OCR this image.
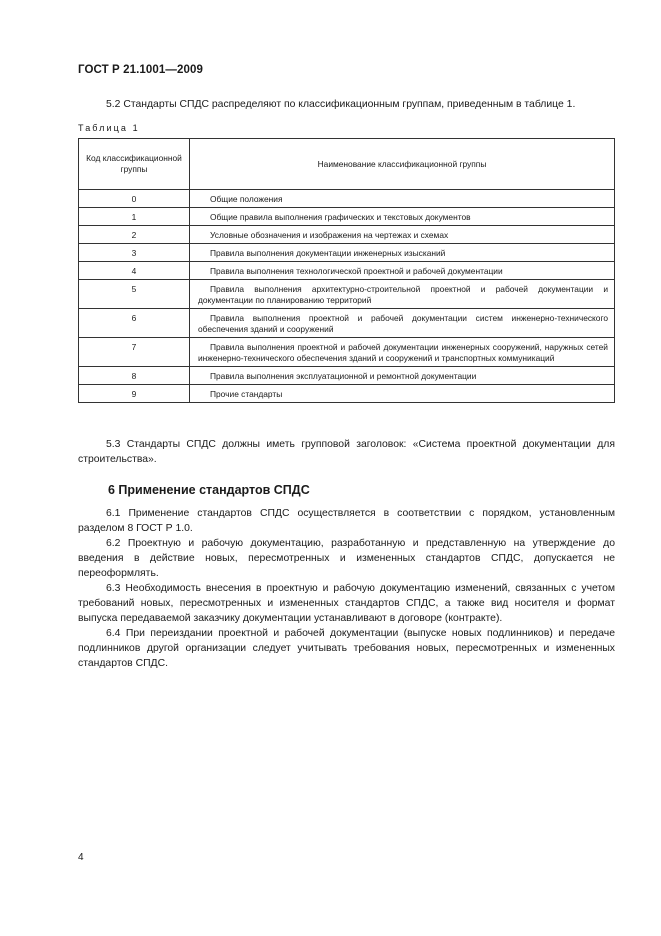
ГОСТ Р 21.1001—2009
5.2 Стандарты СПДС распределяют по классификационным группам, приведенным в таблице 1.
Таблица 1
Код классификационной группы	Наименование классификационной группы
0	Общие положения
1	Общие правила выполнения графических и текстовых документов
2	Условные обозначения и изображения на чертежах и схемах
3	Правила выполнения документации инженерных изысканий
4	Правила выполнения технологической проектной и рабочей документации
5	Правила выполнения архитектурно-строительной проектной и рабочей документации и документации по планированию территорий
6	Правила выполнения проектной и рабочей документации систем инженерно-технического обеспечения зданий и сооружений
7	Правила выполнения проектной и рабочей документации инженерных сооружений, наружных сетей инженерно-технического обеспечения зданий и сооружений и транспортных коммуникаций
8	Правила выполнения эксплуатационной и ремонтной документации
9	Прочие стандарты
5.3 Стандарты СПДС должны иметь групповой заголовок: «Система проектной документации для строительства».
6 Применение стандартов СПДС
6.1 Применение стандартов СПДС осуществляется в соответствии с порядком, установленным разделом 8 ГОСТ Р 1.0.
6.2 Проектную и рабочую документацию, разработанную и представленную на утверждение до введения в действие новых, пересмотренных и измененных стандартов СПДС, допускается не переоформлять.
6.3 Необходимость внесения в проектную и рабочую документацию изменений, связанных с учетом требований новых, пересмотренных и измененных стандартов СПДС, а также вид носителя и формат выпуска передаваемой заказчику документации устанавливают в договоре (контракте).
6.4 При переиздании проектной и рабочей документации (выпуске новых подлинников) и передаче подлинников другой организации следует учитывать требования новых, пересмотренных и измененных стандартов СПДС.
4
